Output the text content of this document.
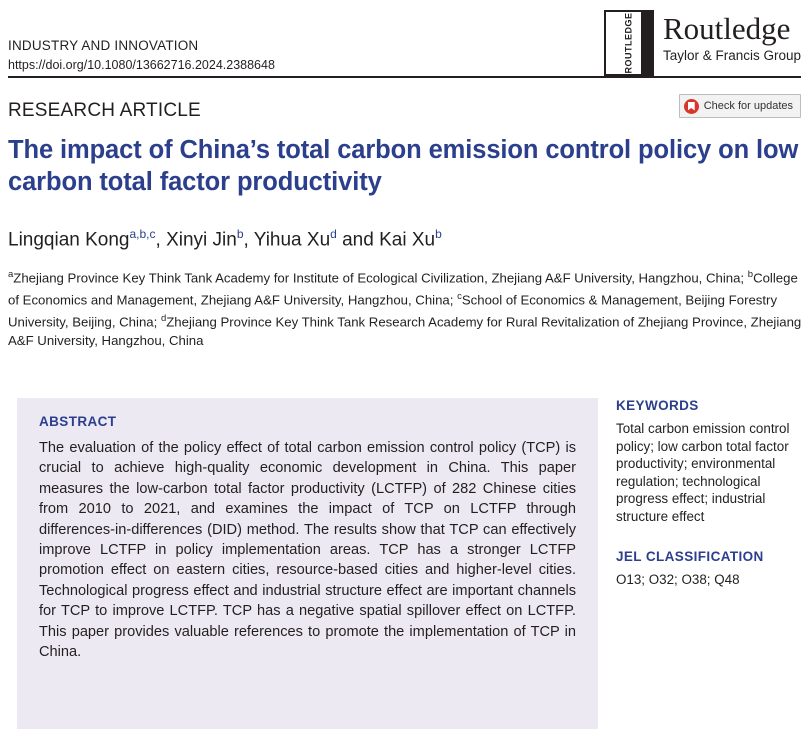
INDUSTRY AND INNOVATION
https://doi.org/10.1080/13662716.2024.2388648	ROUTLEDGE Routledge
Taylor & Francis Group
RESEARCH ARTICLE	Check for updates
The impact of China’s total carbon emission control policy on low carbon total factor productivity
Lingqian Kong$^{a,b,c}$, Xinyi Jin$^b$, Yihua Xu$^d$ and Kai Xu$^b$
$^a$Zhejiang Province Key Think Tank Academy for Institute of Ecological Civilization, Zhejiang A&F University, Hangzhou, China; $^b$College of Economics and Management, Zhejiang A&F University, Hangzhou, China; $^c$School of Economics & Management, Beijing Forestry University, Beijing, China; $^d$Zhejiang Province Key Think Tank Research Academy for Rural Revitalization of Zhejiang Province, Zhejiang A&F University, Hangzhou, China
ABSTRACT
The evaluation of the policy effect of total carbon emission control policy (TCP) is crucial to achieve high-quality economic development in China. This paper measures the low-carbon total factor productivity (LCTFP) of 282 Chinese cities from 2010 to 2021, and examines the impact of TCP on LCTFP through differences-in-differences (DID) method. The results show that TCP can effectively improve LCTFP in policy implementation areas. TCP has a stronger LCTFP promotion effect on eastern cities, resource-based cities and higher-level cities. Technological progress effect and industrial structure effect are important channels for TCP to improve LCTFP. TCP has a negative spatial spillover effect on LCTFP. This paper provides valuable references to promote the implementation of TCP in China.
KEYWORDS
Total carbon emission control policy; low carbon total factor productivity; environmental regulation; technological progress effect; industrial structure effect
JEL CLASSIFICATION
O13; O32; O38; Q48
